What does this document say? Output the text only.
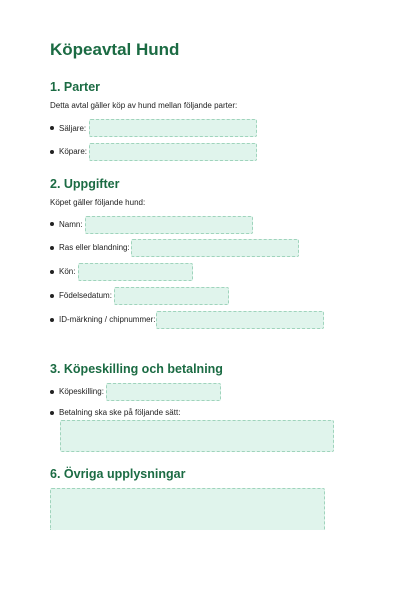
Köpeavtal Hund
1. Parter
Detta avtal gäller köp av hund mellan följande parter:
Säljare:
Köpare:
2. Uppgifter
Köpet gäller följande hund:
Namn:
Ras eller blandning:
Kön:
Födelsedatum:
ID-märkning / chipnummer:
3. Köpeskilling och betalning
Köpeskilling:
Betalning ska ske på följande sätt:
6. Övriga upplysningar
